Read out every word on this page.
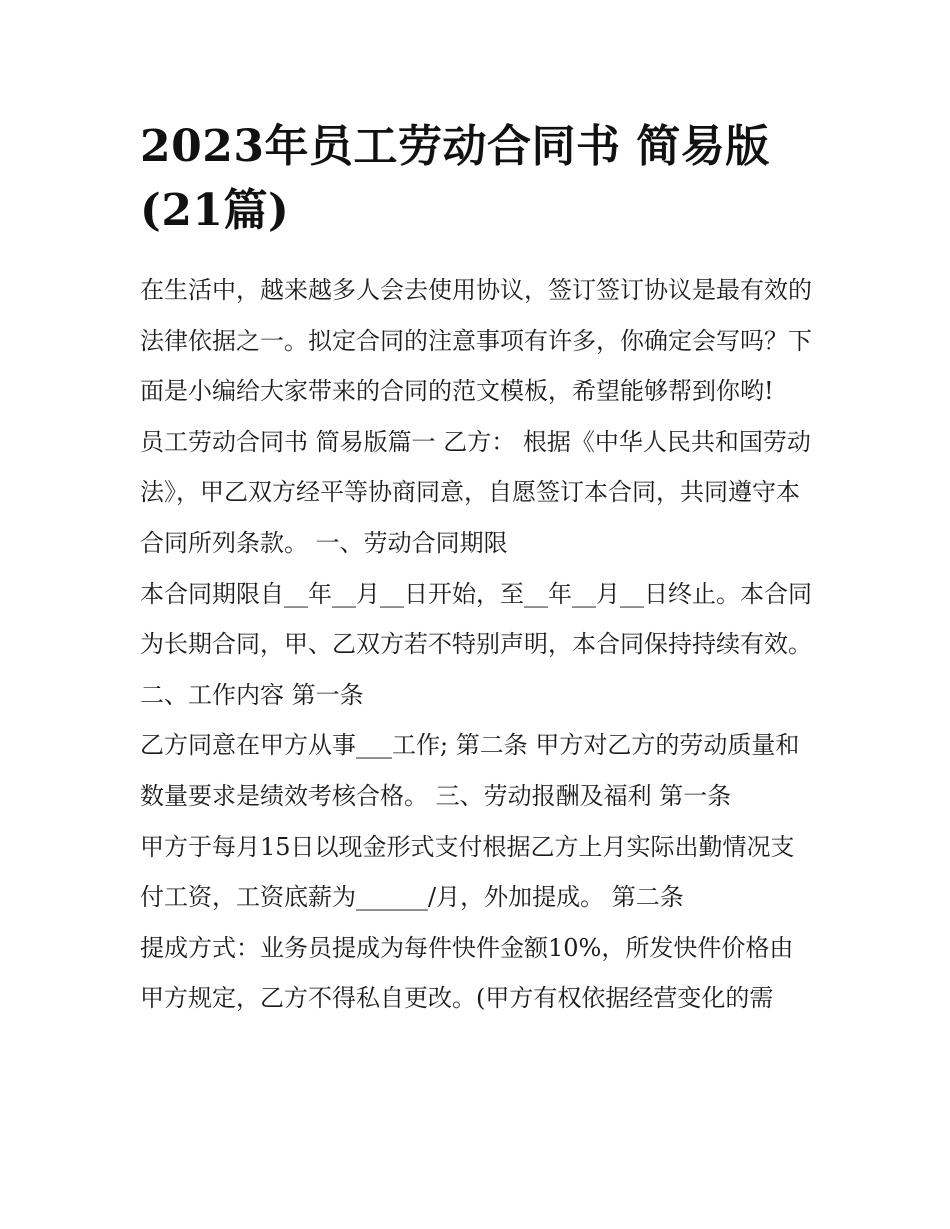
2023年员工劳动合同书 简易版(21篇)

在生活中，越来越多人会去使用协议，签订签订协议是最有效的法律依据之一。拟定合同的注意事项有许多，你确定会写吗？下面是小编给大家带来的合同的范文模板，希望能够帮到你哟!

员工劳动合同书 简易版篇一 乙方： 根据《中华人民共和国劳动法》，甲乙双方经平等协商同意，自愿签订本合同，共同遵守本合同所列条款。 一、劳动合同期限

本合同期限自__年__月__日开始，至__年__月__日终止。本合同为长期合同，甲、乙双方若不特别声明，本合同保持持续有效。 二、工作内容 第一条

乙方同意在甲方从事___工作; 第二条 甲方对乙方的劳动质量和数量要求是绩效考核合格。 三、劳动报酬及福利 第一条

甲方于每月15日以现金形式支付根据乙方上月实际出勤情况支付工资，工资底薪为______/月，外加提成。 第二条

提成方式：业务员提成为每件快件金额10%，所发快件价格由甲方规定，乙方不得私自更改。(甲方有权依据经营变化的需
